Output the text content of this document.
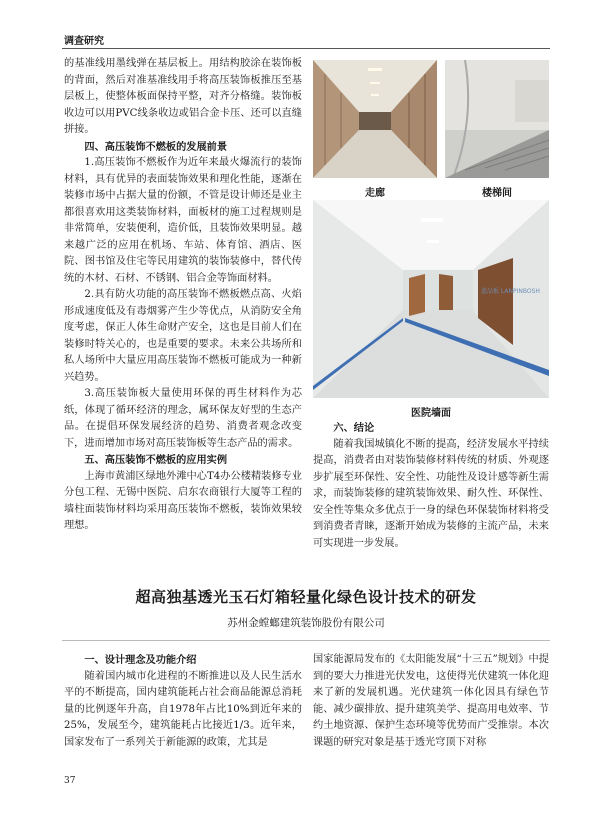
调查研究

的基准线用墨线弹在基层板上。用结构胶涂在装饰板的背面，然后对准基准线用手将高压装饰板推压至基层板上，使整体板面保持平整，对齐分格缝。装饰板收边可以用PVC线条收边或铝合金卡压、还可以直缝拼接。

四、高压装饰不燃板的发展前景

1.高压装饰不燃板作为近年来最火爆流行的装饰材料，具有优异的表面装饰效果和理化性能，逐渐在装修市场中占据大量的份额，不管是设计师还是业主都很喜欢用这类装饰材料，面板材的施工过程规则是非常简单，安装便利，造价低，且装饰效果明显。越来越广泛的应用在机场、车站、体育馆、酒店、医院、图书馆及住宅等民用建筑的装饰装修中，替代传统的木材、石材、不锈钢、铝合金等饰面材料。

2.具有防火功能的高压装饰不燃板燃点高、火焰形成速度低及有毒烟雾产生少等优点，从消防安全角度考虑，保正人体生命财产安全，这也是目前人们在装修时特关心的，也是重要的要求。未来公共场所和私人场所中大量应用高压装饰不燃板可能成为一种新兴趋势。

3.高压装饰板大量使用环保的再生材料作为芯纸，体现了循环经济的理念，属环保友好型的生态产品。在提倡环保发展经济的趋势、消费者观念改变下，进而增加市场对高压装饰板等生态产品的需求。

五、高压装饰不燃板的应用实例

上海市黄浦区绿地外滩中心T4办公楼精装修专业分包工程、无锡中医院、启东农商银行大厦等工程的墙柱面装饰材料均采用高压装饰不燃板，装饰效果较理想。

走廊	楼梯间
蓝品板 LANPINBOSH
医院墙面
六、结论

随着我国城镇化不断的提高，经济发展水平持续提高，消费者由对装饰装修材料传统的材质、外观逐步扩展至环保性、安全性、功能性及设计感等新生需求，而装饰装修的建筑装饰效果、耐久性、环保性、安全性等集众多优点于一身的绿色环保装饰材料将受到消费者青睐，逐渐开始成为装修的主流产品，未来可实现进一步发展。

超高独基透光玉石灯箱轻量化绿色设计技术的研发
苏州金螳螂建筑装饰股份有限公司
一、设计理念及功能介绍

随着国内城市化进程的不断推进以及人民生活水平的不断提高，国内建筑能耗占社会商品能源总消耗量的比例逐年升高，自1978年占比10%到近年来的25%，发展至今，建筑能耗占比接近1/3。近年来，国家发布了一系列关于新能源的政策，尤其是

国家能源局发布的《太阳能发展“十三五”规划》中提到的要大力推进光伏发电，这使得光伏建筑一体化迎来了新的发展机遇。光伏建筑一体化因具有绿色节能、减少碳排放、提升建筑美学、提高用电效率、节约土地资源、保护生态环境等优势而广受推崇。本次课题的研究对象是基于透光穹顶下对称

37
